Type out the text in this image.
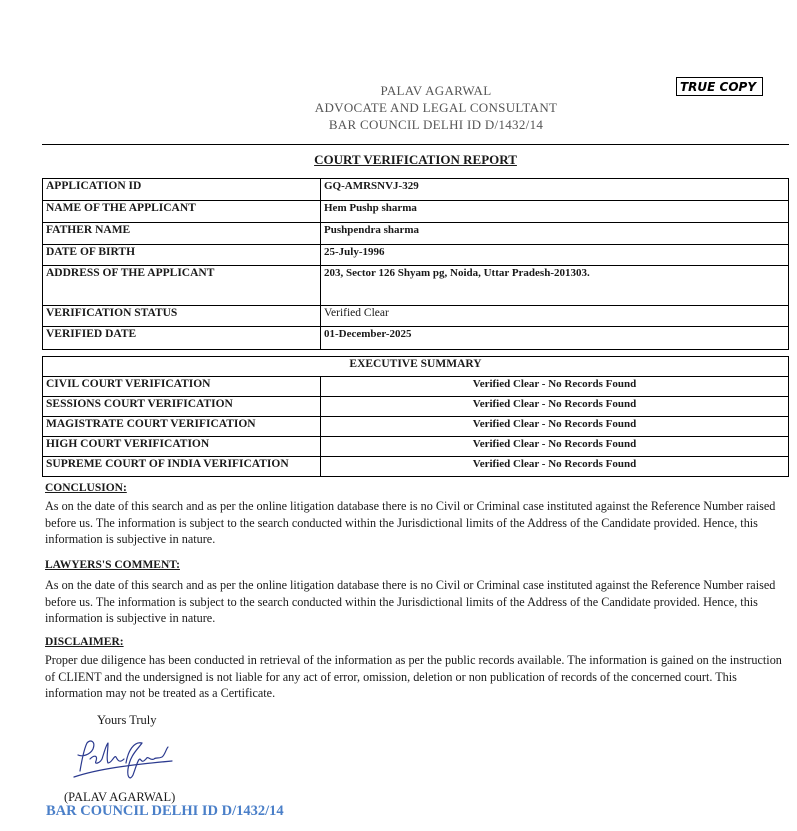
PALAV AGARWAL
ADVOCATE AND LEGAL CONSULTANT
BAR COUNCIL DELHI ID D/1432/14
TRUE COPY
COURT VERIFICATION REPORT
APPLICATION ID	GQ-AMRSNVJ-329
NAME OF THE APPLICANT	Hem Pushp sharma
FATHER NAME	Pushpendra sharma
DATE OF BIRTH	25-July-1996
ADDRESS OF THE APPLICANT	203, Sector 126 Shyam pg, Noida, Uttar Pradesh-201303.
VERIFICATION STATUS	Verified Clear
VERIFIED DATE	01-December-2025
EXECUTIVE SUMMARY	
CIVIL COURT VERIFICATION	Verified Clear - No Records Found
SESSIONS COURT VERIFICATION	Verified Clear - No Records Found
MAGISTRATE COURT VERIFICATION	Verified Clear - No Records Found
HIGH COURT VERIFICATION	Verified Clear - No Records Found
SUPREME COURT OF INDIA VERIFICATION	Verified Clear - No Records Found
CONCLUSION:
As on the date of this search and as per the online litigation database there is no Civil or Criminal case instituted against the Reference Number raised before us. The information is subject to the search conducted within the Jurisdictional limits of the Address of the Candidate provided. Hence, this information is subjective in nature.
LAWYERS'S COMMENT:
As on the date of this search and as per the online litigation database there is no Civil or Criminal case instituted against the Reference Number raised before us. The information is subject to the search conducted within the Jurisdictional limits of the Address of the Candidate provided. Hence, this information is subjective in nature.
DISCLAIMER:
Proper due diligence has been conducted in retrieval of the information as per the public records available. The information is gained on the instruction of CLIENT and the undersigned is not liable for any act of error, omission, deletion or non publication of records of the concerned court. This information may not be treated as a Certificate.
Yours Truly
(PALAV AGARWAL)
BAR COUNCIL DELHI ID D/1432/14
